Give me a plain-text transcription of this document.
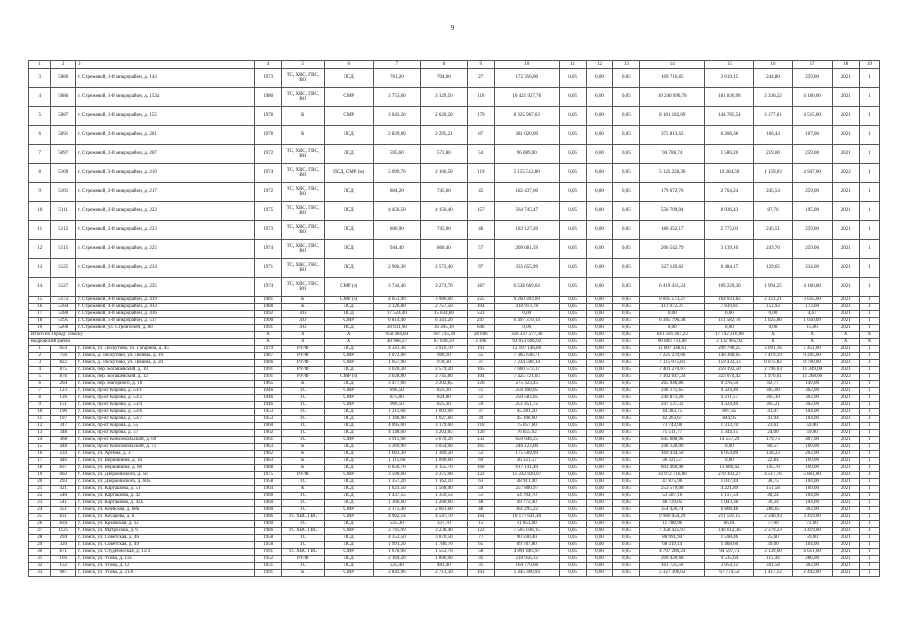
9
1	2	3	4	5	6	7	8	9	10	11	12	13	14	15	16	17	18	19
3	5080	г. Стрежевой, 1-й микрорайон, д. 143	1973	ТС, ХВС, ГВС, ВО	ЛСД	761,20	704,00	27	172 356,00	0,05	0,00	0,05	169 716,85	2 619,15	244,80	259,00	2021	1
4	5086	г. Стрежевой, 1-й микрорайон, д. 152а	1980	ТС, ХВС, ГВС, ВО	СМР	3 753,60	3 129,50	118	10 421 927,76	0,05	0,00	0,05	10 240 090,78	181 836,98	3 330,22	4 160,00	2021	1
5	5087	г. Стрежевой, 1-й микрорайон, д. 155	1978	К	СМР	3 043,20	2 620,20	179	8 325 967,63	0,05	0,00	0,05	8 181 182,09	144 785,54	3 177,61	4 515,00	2021	1
6	5091	г. Стрежевой, 2-й микрорайон, д. 201	1978	К	ЛСД	2 829,60	2 295,21	87	381 020,00	0,05	0,00	0,05	375 813,62	6 206,38	166,44	167,00	2021	1
7	5097	г. Стрежевой, 2-й микрорайон, д. 207	1972	ТС, ХВС, ГВС, ВО	ЛСД	595,60	571,80	54	96 089,00	0,05	0,00	0,05	94 788,74	1 580,26	259,00	259,00	2021	1
8	5100	г. Стрежевой, 2-й микрорайон, д. 210	1974	ТС, ХВС, ГВС, ВО	ПСД, СМР (м)	5 099,70	2 166,50	119	5 155 512,80	0,05	0,00	0,05	5 125 228,30	10 284,50	1 159,03	4 947,00	2022	1
9	5101	г. Стрежевой, 2-й микрорайон, д. 217	1972	ТС, ХВС, ГВС, ВО	ЛСД	804,20	745,60	45	182 437,00	0,05	0,00	0,05	179 672,76	2 764,24	245,54	259,00	2021	1
10	5111	г. Стрежевой, 2-й микрорайон, д. 222	1975	ТС, ХВС, ГВС, ВО	ЛСД	4 456,50	4 156,40	157	564 745,47	0,05	0,00	0,05	556 709,04	8 036,43	87,76	195,00	2021	1
11	5112	г. Стрежевой, 2-й микрорайон, д. 223	1973	ТС, ХВС, ГВС, ВО	ЛСД	806,90	745,90	48	183 127,20	0,05	0,00	0,05	180 352,17	2 775,03	245,51	259,00	2021	1
12	5115	г. Стрежевой, 2-й микрорайон, д. 225	1974	ТС, ХВС, ГВС, ВО	ЛСД	944,40	860,40	57	209 681,59	0,05	0,00	0,05	206 542,79	3 139,10	243,70	259,00	2021	1
13	5125	г. Стрежевой, 2-й микрорайон, д. 234	1971	ТС, ХВС, ГВС, ВО	ЛСД	2 906,30	2 573,40	97	335 655,99	0,05	0,00	0,05	327 149,82	6 484,17	129,65	234,00	2021	1
14	5127	г. Стрежевой, 2-й микрорайон, д. 235	1974	ТС, ХВС, ГВС, ВО	СМР (з)	3 744,40	3 273,70	187	6 528 669,64	0,05	0,00	0,05	6 419 431,24	109 229,30	1 994,25	4 160,00	2021	1
15	5172	г. Стрежевой, 4-й микрорайон, д. 419	1981	К	СМР (з)	4 651,90	3 986,00	225	9 260 303,09	0,05	0,00	0,05	9 095 573,27	164 931,82	2 323,21	3 635,00	2021	1
16	5184	г. Стрежевой, 4-й микрорайон, д. 433	1988	К	ЛСД	3 126,80	2 757,50	104	418 913,78	0,05	0,00	0,05	411 072,37	7 839,81	151,92	173,00	2021	1
17	5180	г. Стрежевой, 4-й микрорайон, д. 436	1992	ЛО	ПСД	17 524,40	15 834,80	523	0,00	0,05	0,00	0,05	0,00	0,00	0,00	4,67	2021	1
18	5195	г. Стрежевой, 5-й микрорайон, д. 517	1990	ЛО	СМР	6 814,40	6 341,20	247	6 497 379,14	0,05	0,00	0,05	6 385 796,38	111 582,76	1 025,86	1 050,09	2021	1
19	5200	г. Стрежевой, ул. Строителей, д. 80	1991	ЛО	ПСД	20 631,90	16 305,10	646	0,00	0,05	0,00	0,05	0,00	0,00	0,00	15,00	2021	1
Итого по Городу Томску			X	X	X	958 404,84	787 735,39	28 696	356 337 577,36	0,05	0,00	0,05	643 356 367,22	17 742 216,98	X	X	X	X
Кедровский район			X	X	X	48 968,27	87 838,59	3 386	93 013 696,92	0,05	0,00	0,05	90 883 733,00	2 132 965,92	X	X	X	X
1	654	г. Томск, ул. Лоскутово, ул. Гагарина, д. 45	1979	РУ/Ф	ЛСД	4 341,30	3 916,70	191	12 107 146,86	0,05	0,00	0,05	11 807 348,61	299 798,25	3 091,16	7 451,00	2021	1
2	756	г. Томск, д. Лоскутово, ул. Ленина, д. 19	1987	РУ/Ф	СМР	1 072,00	990,10	55	7 365 638,71	0,05	0,00	0,05	7 225 270,06	140 368,65	7 419,19	9 295,00	2021	1
3	822	г. Томск, д. Лоскутово, ул. Ленина, д. 20	1986	РУ/Ф	СМР	1 057,90	978,30	37	7 234 508,14	0,05	0,00	0,05	7 115 075,81	159 432,33	8 075,82	9 790,00	2021	1
4	875	г. Томск, пер. Богашевский, д. 10	1991	РУ/Ф	ЛСД	3 020,30	2 579,20	105	7 660 573,17	0,05	0,00	0,05	7 401 270,67	259 192,50	2 796,63	11 349,00	2021	1
5	876	г. Томск, пер. Богашевский, д. 12	1991	РУ/Ф	СМР (з)	3 028,80	2 745,80	104	7 425 721,05	0,05	0,00	0,05	7 102 647,24	323 074,42	1 976,61	11 268,00	2022	1
6	204	г. Томск, пер. Нагорного, д. 10	1965	К	ЛСД	3 477,00	3 202,85	120	275 323,45	0,05	0,00	0,05	265 946,86	9 376,59	82,77	149,00	2021	1
7	123	г. Томск, пр-кт Кирова, д. 53/1	1946	ТС	СМР	896,50	823,30	51	250 498,05	0,05	0,00	0,05	246 175,65	4 324,40	305,00	362,00	2021	1
8	126	г. Томск, пр-кт Кирова, д. 53/2	1946	ТС	СМР	875,00	824,00	51	250 582,85	0,05	0,00	0,05	246 871,26	4 211,57	305,10	362,00	2021	1
9	151	г. Томск, пр-кт Кирова, д. 53/4	1946	ТС	СМР	906,50	825,30	59	251 451,72	0,05	0,00	0,05	247 137,32	4 324,40	305,21	362,00	2021	1
10	190	г. Томск, пр-кт Кирова, д. 53/6	1953	ТС	ЛСД	1 211,60	1 091,90	37	45 281,20	0,05	0,00	0,05	44 383,75	897,45	41,47	104,00	2021	1
11	197	г. Томск, пр-кт Кирова, д. 53/7	1953	ТС	ЛСД	1 168,90	1 027,60	39	45 108,60	0,05	0,00	0,05	42 263,67	844,95	41,94	104,00	2021	1
12	347	г. Томск, пр-кт Кирова, д. 55	1960	ТС	ЛСД	4 095,00	3 179,60	118	75 057,60	0,05	0,00	0,05	73 743,90	1 313,70	23,61	59,00	2021	1
13	348	г. Томск, пр-кт Кирова, д. 57	1962	ТС	ЛСД	4 148,00	3 202,85	120	76 855,92	0,05	0,00	0,05	75 511,77	1 344,15	24,00	59,00	2021	1
14	368	г. Томск, пр-кт Комсомольский, д. 69	1961	ТС	СМР	3 911,90	3 670,20	132	659 646,25	0,05	0,00	0,05	645 088,96	14 557,29	179,73	407,00	2021	1
15	448	г. Томск, пр-кт Комсомольский, д. 71	1963	К	ЛСД	3 369,90	3 054,90	105	246 123,00	0,05	0,00	0,05	246 120,00	0,00	80,57	169,00	2021	1
16	234	г. Томск, ул. Артема, д. 3	1962	К	ЛСД	1 663,30	1 369,20	52	175 569,99	0,05	0,00	0,05	169 434,50	6 054,89	128,23	262,00	2021	1
17	446	г. Томск, ул. Вершинина, д. 18	1963	К	ЛСД	1 111,60	1 090,60	69	36 321,57	0,05	0,00	0,05	36 321,57	0,00	22,84	169,00	2021	1
18	837	г. Томск, ул. Вершинина, д. 68	1988	К	ЛСД	6 656,70	4 155,70	160	617 141,40	0,05	0,00	0,05	603 460,98	13 680,42	145,70	169,00	2021	1
19	602	г. Томск, ул. Дзержинского, д. 56	1975	РУ/Ф	СМР	3 590,60	3 375,98	122	15 242 820,07	0,05	0,00	0,05	14 972 716,80	270 103,27	4 517,76	5 861,00	2021	1
20	293	г. Томск, ул. Дзержинского, д. 60а	1958	ТС	ЛСД	1 357,20	1 162,10	61	48 911,40	0,05	0,00	0,05	47 875,96	1 037,44	38,75	104,00	2021	1
21	421	г. Томск, ул. Карташова, д. 51	1964	К	ЛСД	1 623,50	1 568,00	59	257 800,97	0,05	0,00	0,05	253 579,08	4 221,89	151,58	169,00	2021	1
22	540	г. Томск, ул. Карташова, д. 42	1960	ТС	ЛСД	1 437,55	1 359,53	51	54 704,70	0,05	0,00	0,05	53 587,16	1 117,54	40,24	104,00	2021	1
23	541	г. Томск, ул. Карташова, д. 42а	1960	ТС	ЛСД	1 366,60	1 268,60	48	49 772,40	0,05	0,00	0,05	48 729,02	1 043,38	39,24	104,00	2021	1
24	351	г. Томск, ул. Киевская, д. 88а	1960	ТС	СМР	2 175,40	2 061,60	48	361 295,22	0,05	0,00	0,05	354 426,74	6 868,48	286,65	362,00	2021	1
25	831	г. Томск, ул. Косарева, д. 8	1986	ТС ХВС ГВС	СМР	4 962,14	4 547,70	164	10 177 641,40	0,05	0,00	0,05	9 966 050,29	211 591,15	2 340,93	3 419,00	2021	1
26	834	г. Томск, ул. Крымская, д. 32	1900	ТС	ЛСД	525,30	337,70	15	11 853,00	0,05	0,00	0,05	11 788,96	66,01	77,00	72,00	2021	1
27	1125	г. Томск, ул. Матросова, д. 6	1986	ТС ХВС ГВС	СМР	3 795,99	3 238,46	122	7 505 038,15	0,05	0,00	0,05	7 358 425,97	146 612,36	2 379,23	3 419,00	2021	1
28	294	г. Томск, ул. Советская, д. 46	1958	ТС	ЛСД	4 352,50	3 870,50	77	90 590,40	0,05	0,00	0,05	88 991,94	1 598,46	25,60	59,00	2021	1
29	326	г. Томск, ул. Советская, д. 49	1958	ТС	ЛСД	1 991,20	1 786,70	65	69 787,80	0,05	0,00	0,05	68 319,14	1 468,66	39,00	104,00	2021	1
30	871	г. Томск, ул. Студенческая, д. 15/3	1991	ТС ХВС ГВС	СМР	1 678,90	1 553,70	58	4 891 883,97	0,05	0,00	0,05	4 797 286,24	94 597,73	3 139,60	4 051,00	2021	1
31	169	г. Томск, ул. Усова, д. 11а	1952	РУ/Ф	ЛСД	2 169,20	1 896,90	92	218 956,32	0,05	0,00	0,05	209 420,68	9 535,64	115,44	286,00	2021	1
32	152	г. Томск, ул. Усова, д. 12	1951	ТС	ЛСД	525,40	483,40	31	164 779,68	0,05	0,00	0,05	161 725,56	3 054,12	341,58	362,00	2021	1
33	987	г. Томск, ул. Усова, д. 21/6	1991	К	СМР	2 842,96	2 713,30	103	5 445 360,94	0,05	0,00	0,05	5 327 306,62	67 774,52	1 417,12	2 492,00	2021	1
